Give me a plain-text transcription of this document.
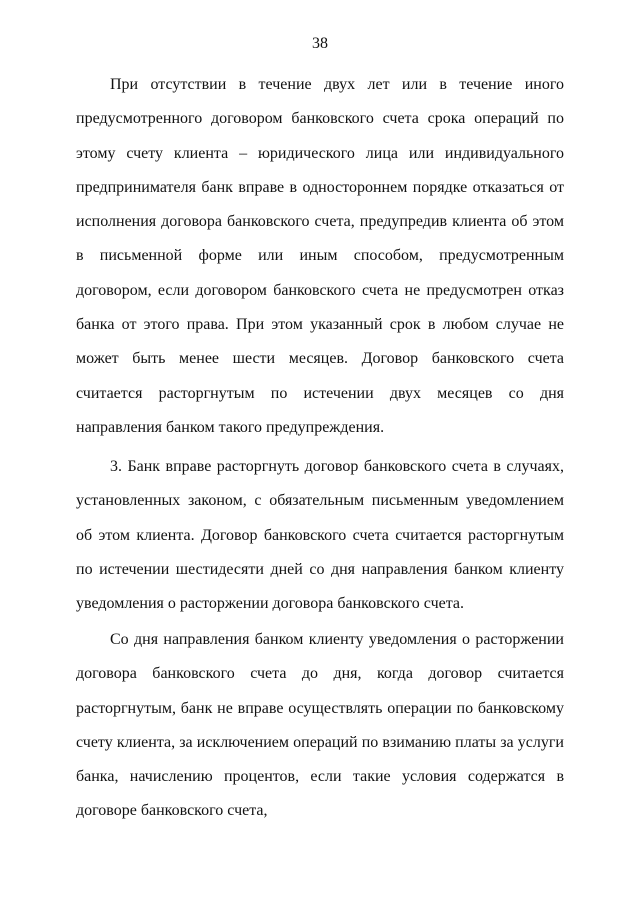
38

При отсутствии в течение двух лет или в течение иного предусмотренного договором банковского счета срока операций по этому счету клиента – юридического лица или индивидуального предпринимателя банк вправе в одностороннем порядке отказаться от исполнения договора банковского счета, предупредив клиента об этом в письменной форме или иным способом, предусмотренным договором, если договором банковского счета не предусмотрен отказ банка от этого права. При этом указанный срок в любом случае не может быть менее шести месяцев. Договор банковского счета считается расторгнутым по истечении двух месяцев со дня направления банком такого предупреждения.

3. Банк вправе расторгнуть договор банковского счета в случаях, установленных законом, с обязательным письменным уведомлением об этом клиента. Договор банковского счета считается расторгнутым по истечении шестидесяти дней со дня направления банком клиенту уведомления о расторжении договора банковского счета.

Со дня направления банком клиенту уведомления о расторжении договора банковского счета до дня, когда договор считается расторгнутым, банк не вправе осуществлять операции по банковскому счету клиента, за исключением операций по взиманию платы за услуги банка, начислению процентов, если такие условия содержатся в договоре банковского счета,
